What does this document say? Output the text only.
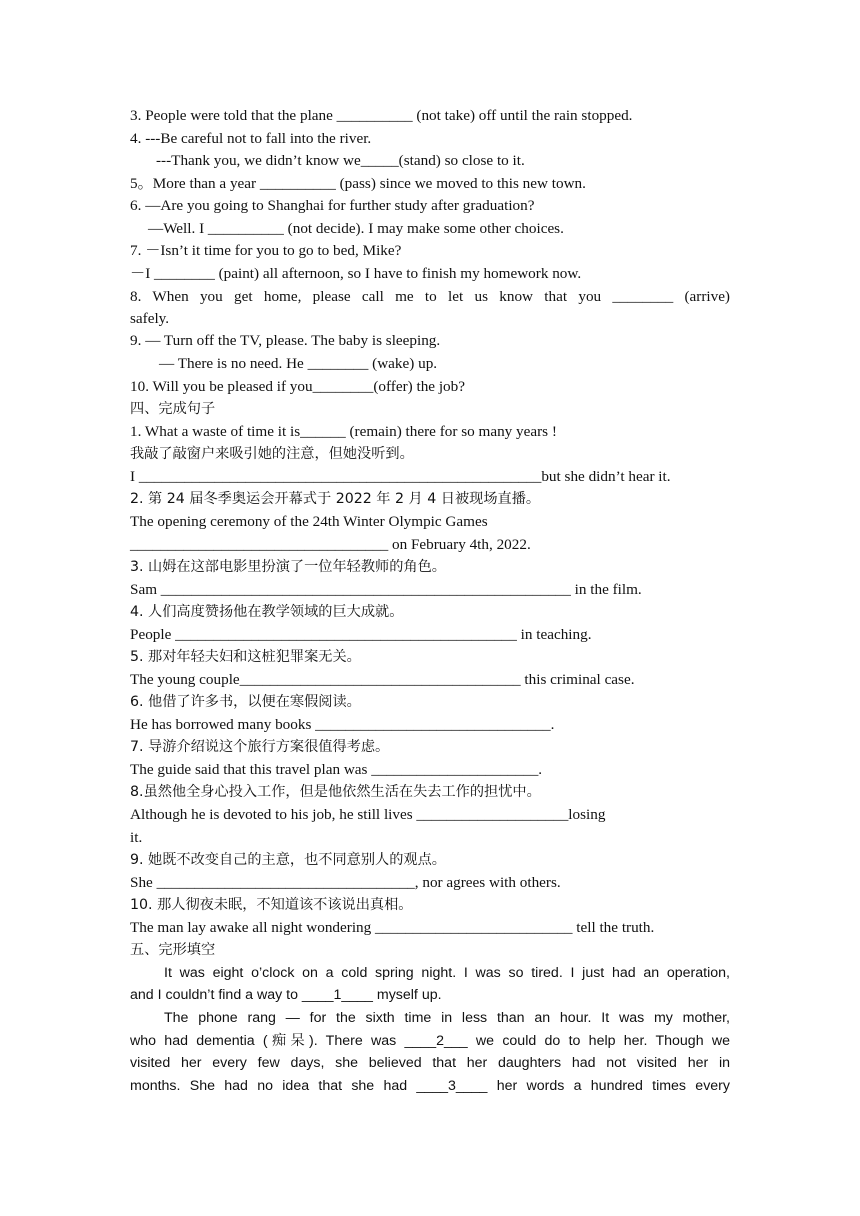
3. People were told that the plane __________ (not take) off until the rain stopped.
4. ---Be careful not to fall into the river.
---Thank you, we didn’t know we_____(stand) so close to it.
5。More than a year __________ (pass) since we moved to this new town.
6. —Are you going to Shanghai for further study after graduation?
—Well. I __________ (not decide). I may make some other choices.
7. －Isn’t it time for you to go to bed, Mike?
－I ________ (paint) all afternoon, so I have to finish my homework now.
8. When you get home, please call me to let us know that you ________ (arrive)
safely.
9. — Turn off the TV, please. The baby is sleeping.
— There is no need. He ________ (wake) up.
10. Will you be pleased if you________(offer) the job?
四、完成句子
1. What a waste of time it is______ (remain) there for so many years !
我敲了敲窗户来吸引她的注意，但她没听到。
I _____________________________________________________but she didn’t hear it.
2. 第 24 届冬季奥运会开幕式于 2022 年 2 月 4 日被现场直播。
The opening ceremony of the 24th Winter Olympic Games
__________________________________ on February 4th, 2022.
3. 山姆在这部电影里扮演了一位年轻教师的角色。
Sam ______________________________________________________ in the film.
4. 人们高度赞扬他在教学领域的巨大成就。
People _____________________________________________ in teaching.
5. 那对年轻夫妇和这桩犯罪案无关。
The young couple_____________________________________ this criminal case.
6. 他借了许多书，以便在寒假阅读。
He has borrowed many books _______________________________.
7. 导游介绍说这个旅行方案很值得考虑。
The guide said that this travel plan was ______________________.
8.虽然他全身心投入工作，但是他依然生活在失去工作的担忧中。
Although he is devoted to his job, he still lives ____________________losing
it.
9. 她既不改变自己的主意，也不同意别人的观点。
She __________________________________, nor agrees with others.
10. 那人彻夜未眠，不知道该不该说出真相。
The man lay awake all night wondering __________________________ tell the truth.
五、完形填空
It was eight o’clock on a cold spring night. I was so tired. I just had an operation,
and I couldn’t find a way to ____1____ myself up.
The phone rang — for the sixth time in less than an hour. It was my mother,
who had dementia (痴呆). There was ____2___ we could do to help her. Though we
visited her every few days, she believed that her daughters had not visited her in
months. She had no idea that she had ____3____ her words a hundred times every
